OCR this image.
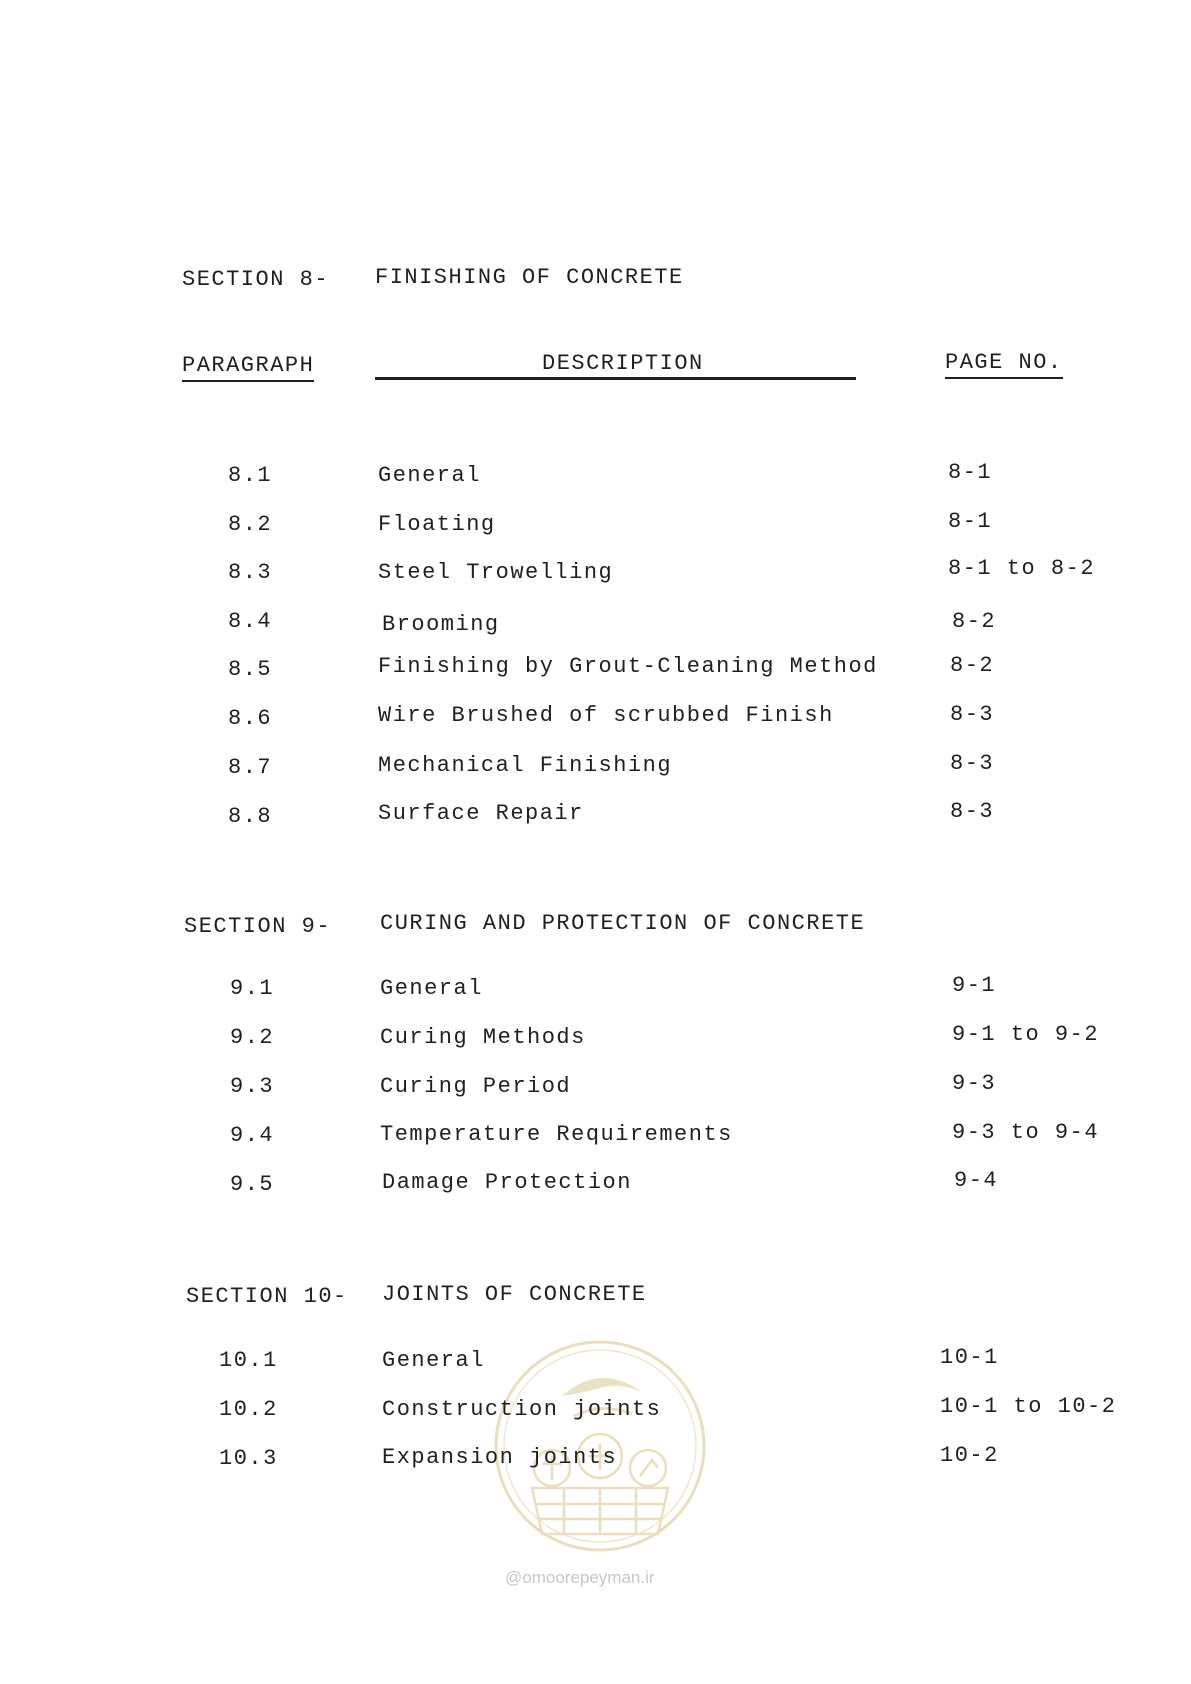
SECTION 8- FINISHING OF CONCRETE
PARAGRAPH	DESCRIPTION	PAGE NO.
8.1	General	8-1
8.2	Floating	8-1
8.3	Steel Trowelling	8-1 to 8-2
8.4	Brooming	8-2
8.5	Finishing by Grout-Cleaning Method	8-2
8.6	Wire Brushed of scrubbed Finish	8-3
8.7	Mechanical Finishing	8-3
8.8	Surface Repair	8-3
SECTION 9- CURING AND PROTECTION OF CONCRETE
9.1	General	9-1
9.2	Curing Methods	9-1 to 9-2
9.3	Curing Period	9-3
9.4	Temperature Requirements	9-3 to 9-4
9.5	Damage Protection	9-4
SECTION 10- JOINTS OF CONCRETE
@omoorepeyman.ir
10.1	General	10-1
10.2	Construction joints	10-1 to 10-2
10.3	Expansion joints	10-2
